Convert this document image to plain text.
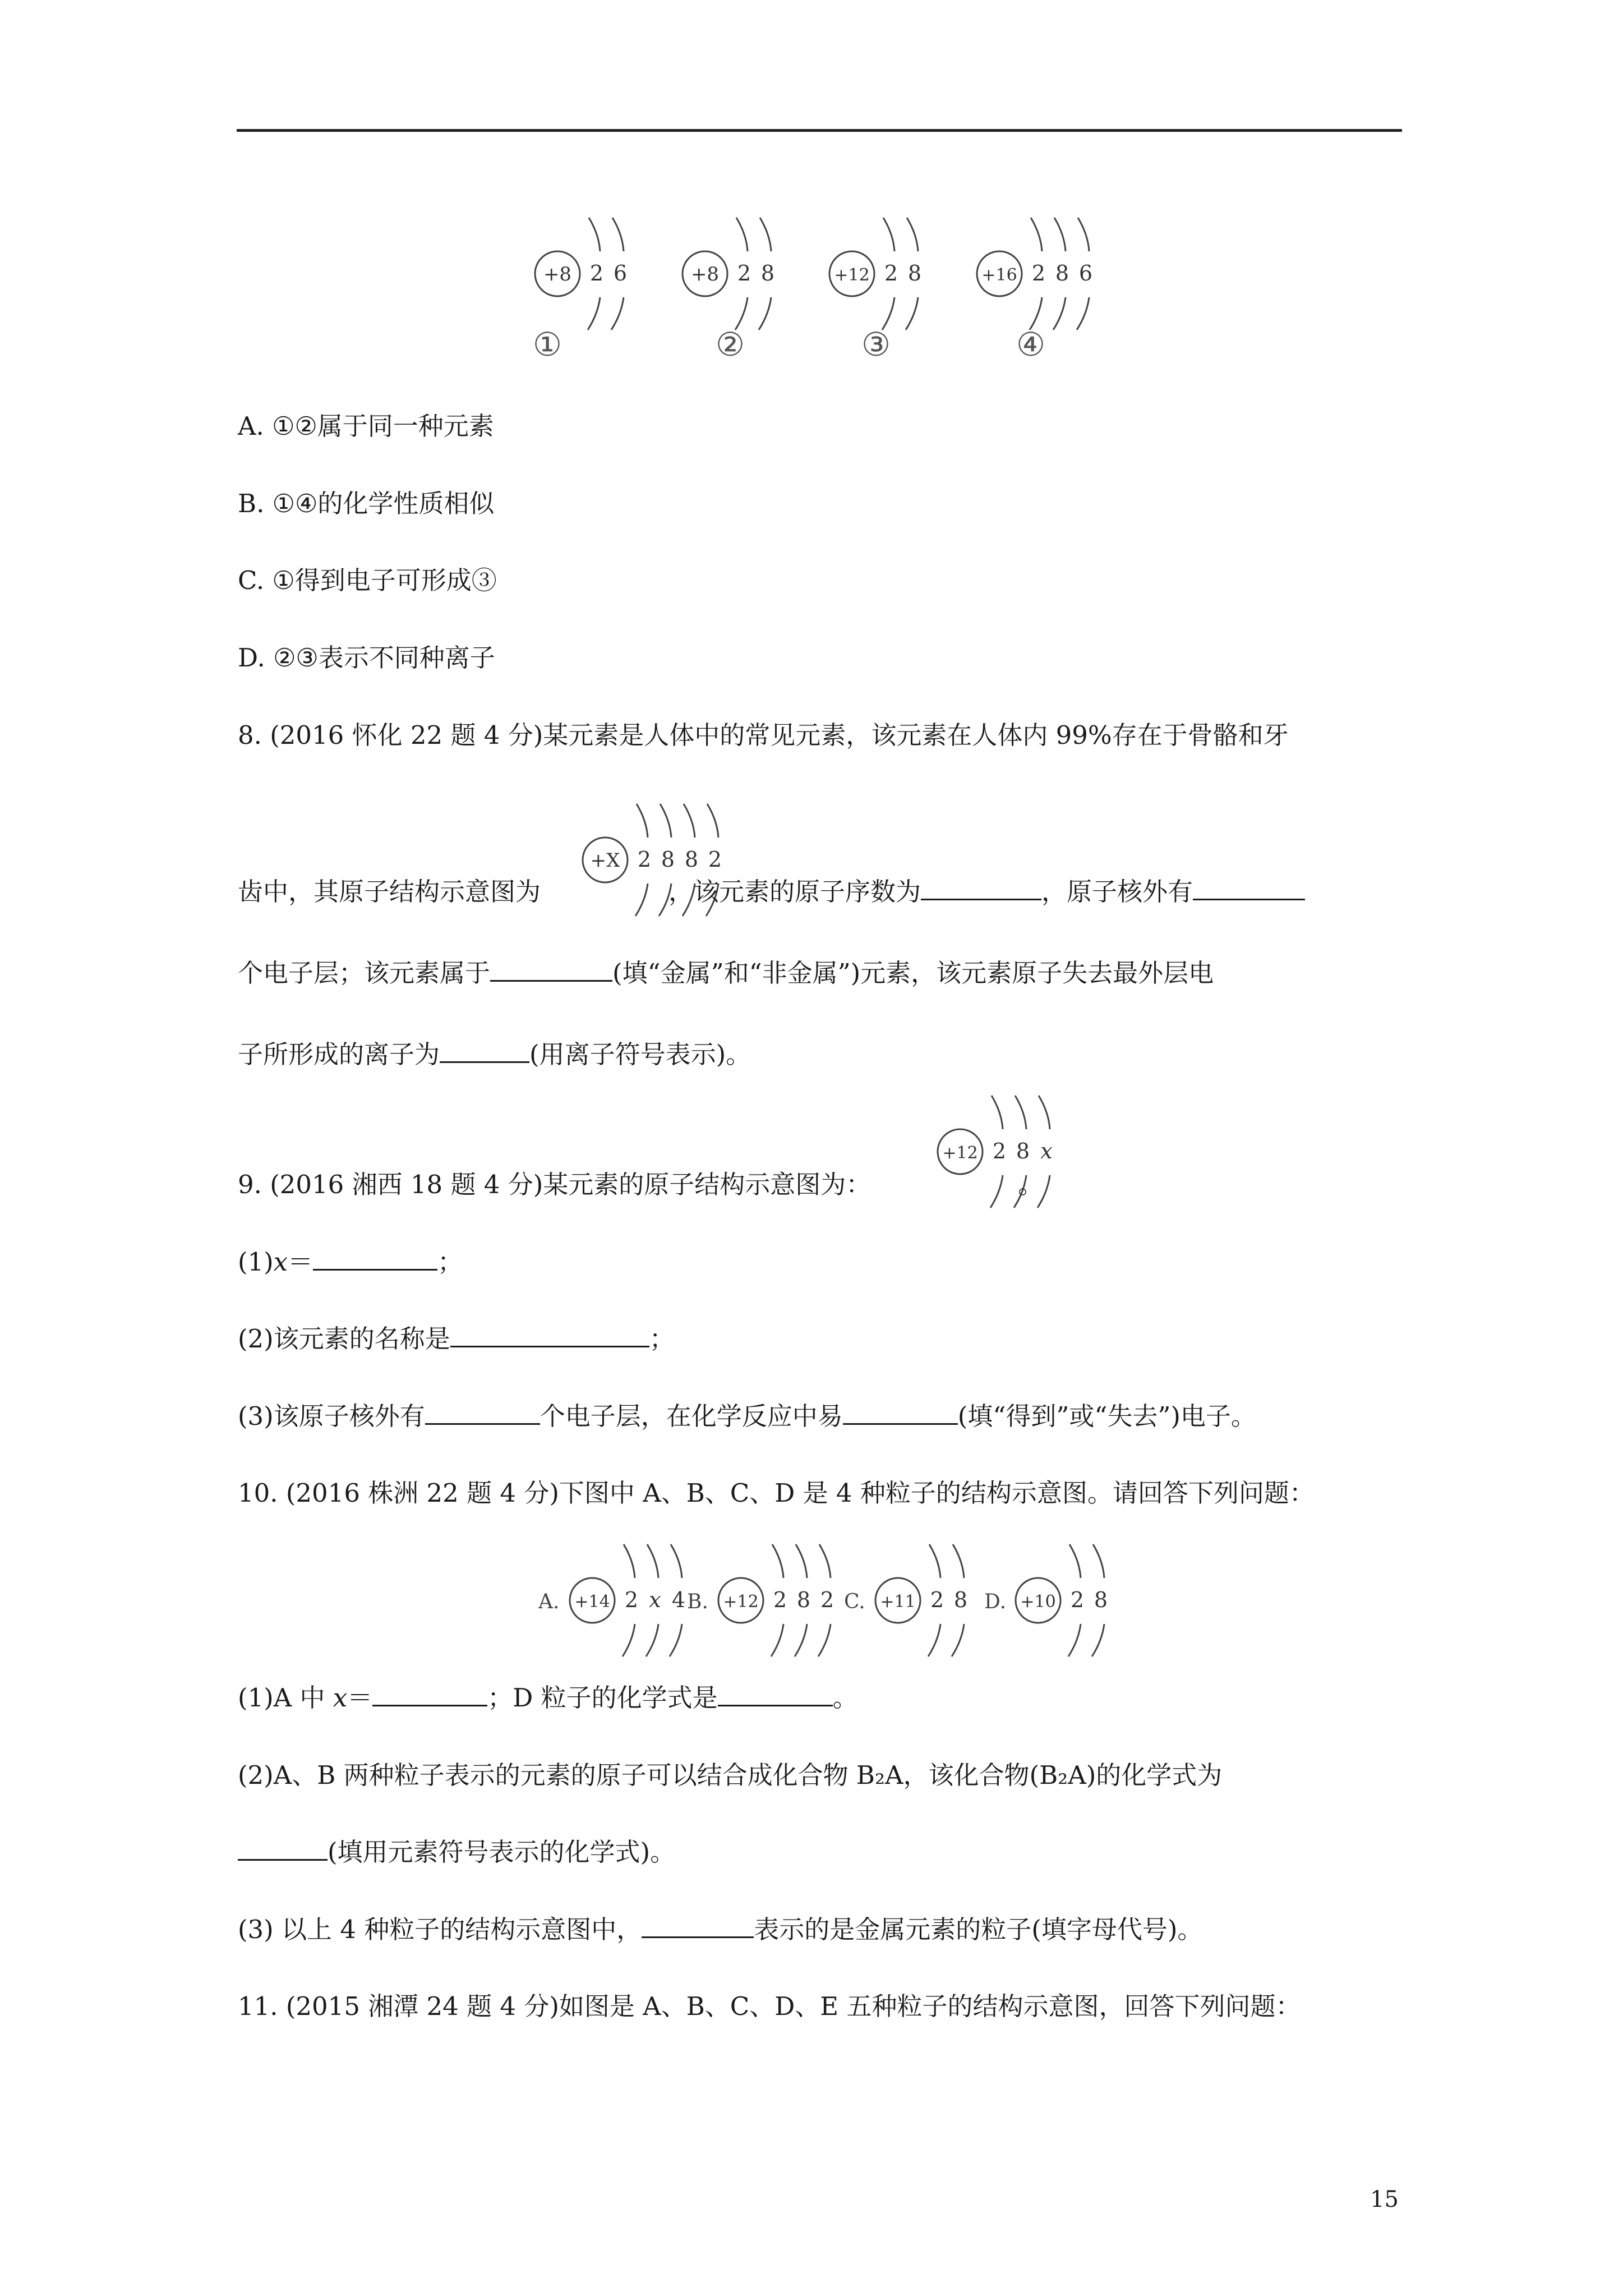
+8 2 6	+8 2 8	+12 2 8	+16 2 8 6
①	②	③	④
A. ①②属于同一种元素
B. ①④的化学性质相似
C. ①得到电子可形成③
D. ②③表示不同种离子
8. (2016 怀化 22 题 4 分)某元素是人体中的常见元素，该元素在人体内 99%存在于骨骼和牙
+X 2 8 8 2
齿中，其原子结构示意图为	，该元素的原子序数为	，原子核外有
个电子层；该元素属于	(填“金属”和“非金属”)元素，该元素原子失去最外层电
子所形成的离子为	(用离子符号表示)。
+12 2 8 x
9. (2016 湘西 18 题 4 分)某元素的原子结构示意图为：	。
(1)x＝	；
(2)该元素的名称是	；
(3)该原子核外有	个电子层，在化学反应中易	(填“得到”或“失去”)电子。
10. (2016 株洲 22 题 4 分)下图中 A、B、C、D 是 4 种粒子的结构示意图。请回答下列问题：
A. +14 2 x 4 B. +12 2 8 2 C. +11 2 8 D. +10 2 8
(1)A 中 x＝	；D 粒子的化学式是	。
(2)A、B 两种粒子表示的元素的原子可以结合成化合物 B₂A，该化合物(B₂A)的化学式为
(填用元素符号表示的化学式)。
(3) 以上 4 种粒子的结构示意图中，	表示的是金属元素的粒子(填字母代号)。
11. (2015 湘潭 24 题 4 分)如图是 A、B、C、D、E 五种粒子的结构示意图，回答下列问题：
15
